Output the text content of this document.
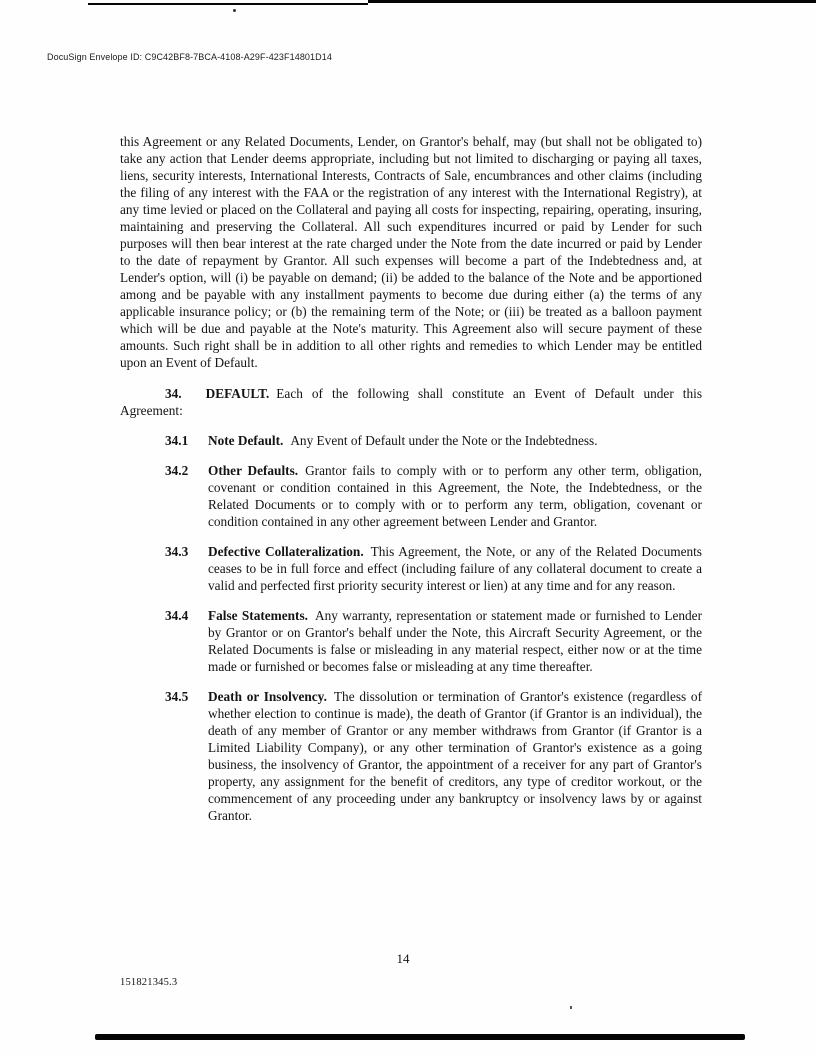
DocuSign Envelope ID: C9C42BF8-7BCA-4108-A29F-423F14801D14

this Agreement or any Related Documents, Lender, on Grantor's behalf, may (but shall not be obligated to) take any action that Lender deems appropriate, including but not limited to discharging or paying all taxes, liens, security interests, International Interests, Contracts of Sale, encumbrances and other claims (including the filing of any interest with the FAA or the registration of any interest with the International Registry), at any time levied or placed on the Collateral and paying all costs for inspecting, repairing, operating, insuring, maintaining and preserving the Collateral. All such expenditures incurred or paid by Lender for such purposes will then bear interest at the rate charged under the Note from the date incurred or paid by Lender to the date of repayment by Grantor. All such expenses will become a part of the Indebtedness and, at Lender's option, will (i) be payable on demand; (ii) be added to the balance of the Note and be apportioned among and be payable with any installment payments to become due during either (a) the terms of any applicable insurance policy; or (b) the remaining term of the Note; or (iii) be treated as a balloon payment which will be due and payable at the Note's maturity. This Agreement also will secure payment of these amounts. Such right shall be in addition to all other rights and remedies to which Lender may be entitled upon an Event of Default.

34. DEFAULT. Each of the following shall constitute an Event of Default under this Agreement:

34.1	Note Default. Any Event of Default under the Note or the Indebtedness.
34.2	Other Defaults. Grantor fails to comply with or to perform any other term, obligation, covenant or condition contained in this Agreement, the Note, the Indebtedness, or the Related Documents or to comply with or to perform any term, obligation, covenant or condition contained in any other agreement between Lender and Grantor.
34.3	Defective Collateralization. This Agreement, the Note, or any of the Related Documents ceases to be in full force and effect (including failure of any collateral document to create a valid and perfected first priority security interest or lien) at any time and for any reason.
34.4	False Statements. Any warranty, representation or statement made or furnished to Lender by Grantor or on Grantor's behalf under the Note, this Aircraft Security Agreement, or the Related Documents is false or misleading in any material respect, either now or at the time made or furnished or becomes false or misleading at any time thereafter.
34.5	Death or Insolvency. The dissolution or termination of Grantor's existence (regardless of whether election to continue is made), the death of Grantor (if Grantor is an individual), the death of any member of Grantor or any member withdraws from Grantor (if Grantor is a Limited Liability Company), or any other termination of Grantor's existence as a going business, the insolvency of Grantor, the appointment of a receiver for any part of Grantor's property, any assignment for the benefit of creditors, any type of creditor workout, or the commencement of any proceeding under any bankruptcy or insolvency laws by or against Grantor.
14
151821345.3
